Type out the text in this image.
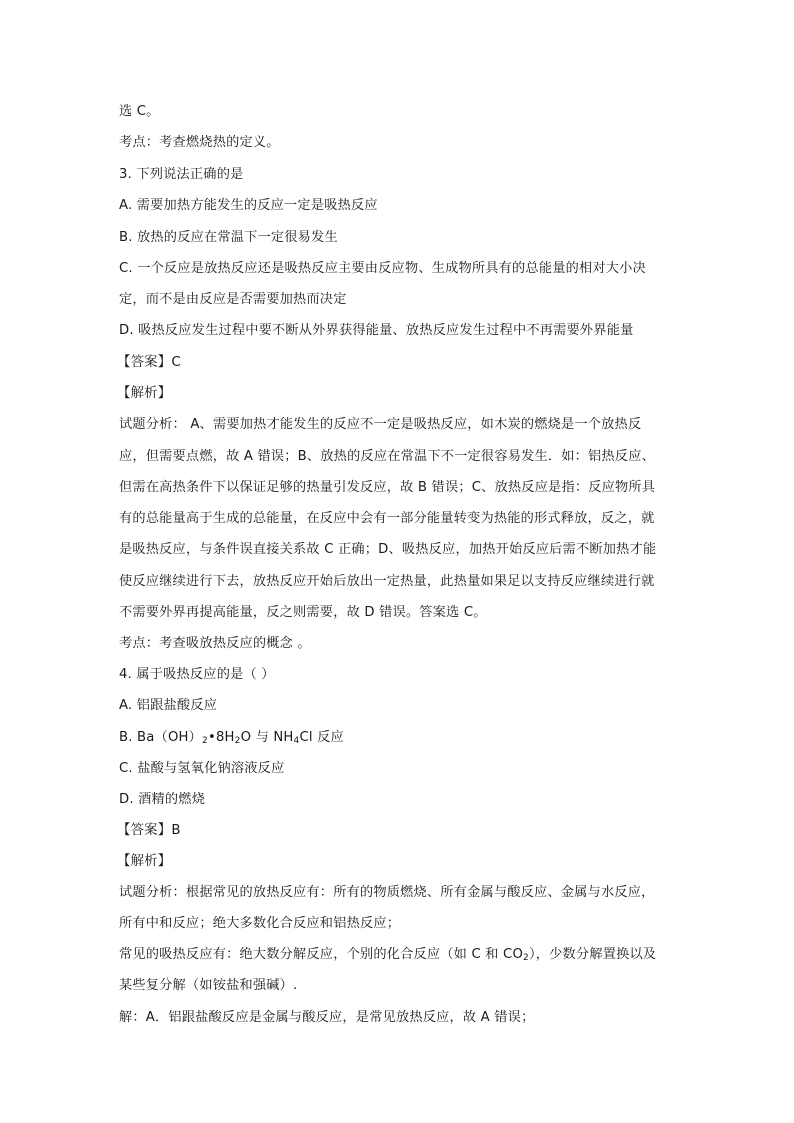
选 C。
考点：考查燃烧热的定义。
3. 下列说法正确的是
A. 需要加热方能发生的反应一定是吸热反应
B. 放热的反应在常温下一定很易发生
C. 一个反应是放热反应还是吸热反应主要由反应物、生成物所具有的总能量的相对大小决
定，而不是由反应是否需要加热而决定
D. 吸热反应发生过程中要不断从外界获得能量、放热反应发生过程中不再需要外界能量
【答案】C
【解析】
试题分析： A、需要加热才能发生的反应不一定是吸热反应，如木炭的燃烧是一个放热反
应，但需要点燃，故 A 错误；B、放热的反应在常温下不一定很容易发生．如：铝热反应、
但需在高热条件下以保证足够的热量引发反应，故 B 错误；C、放热反应是指：反应物所具
有的总能量高于生成的总能量，在反应中会有一部分能量转变为热能的形式释放，反之，就
是吸热反应，与条件误直接关系故 C 正确；D、吸热反应，加热开始反应后需不断加热才能
使反应继续进行下去，放热反应开始后放出一定热量，此热量如果足以支持反应继续进行就
不需要外界再提高能量，反之则需要，故 D 错误。答案选 C。
考点：考查吸放热反应的概念 。
4. 属于吸热反应的是（ ）
A. 铝跟盐酸反应
B. $Ba(OH)_2•8H_2O$ 与 $NH_4Cl$ 反应
C. 盐酸与氢氧化钠溶液反应
D. 酒精的燃烧
【答案】B
【解析】
试题分析：根据常见的放热反应有：所有的物质燃烧、所有金属与酸反应、金属与水反应，
所有中和反应；绝大多数化合反应和铝热反应；
常见的吸热反应有：绝大数分解反应，个别的化合反应（如 C 和 $CO_2$），少数分解置换以及
某些复分解（如铵盐和强碱）.
解：A．铝跟盐酸反应是金属与酸反应，是常见放热反应，故 A 错误；
